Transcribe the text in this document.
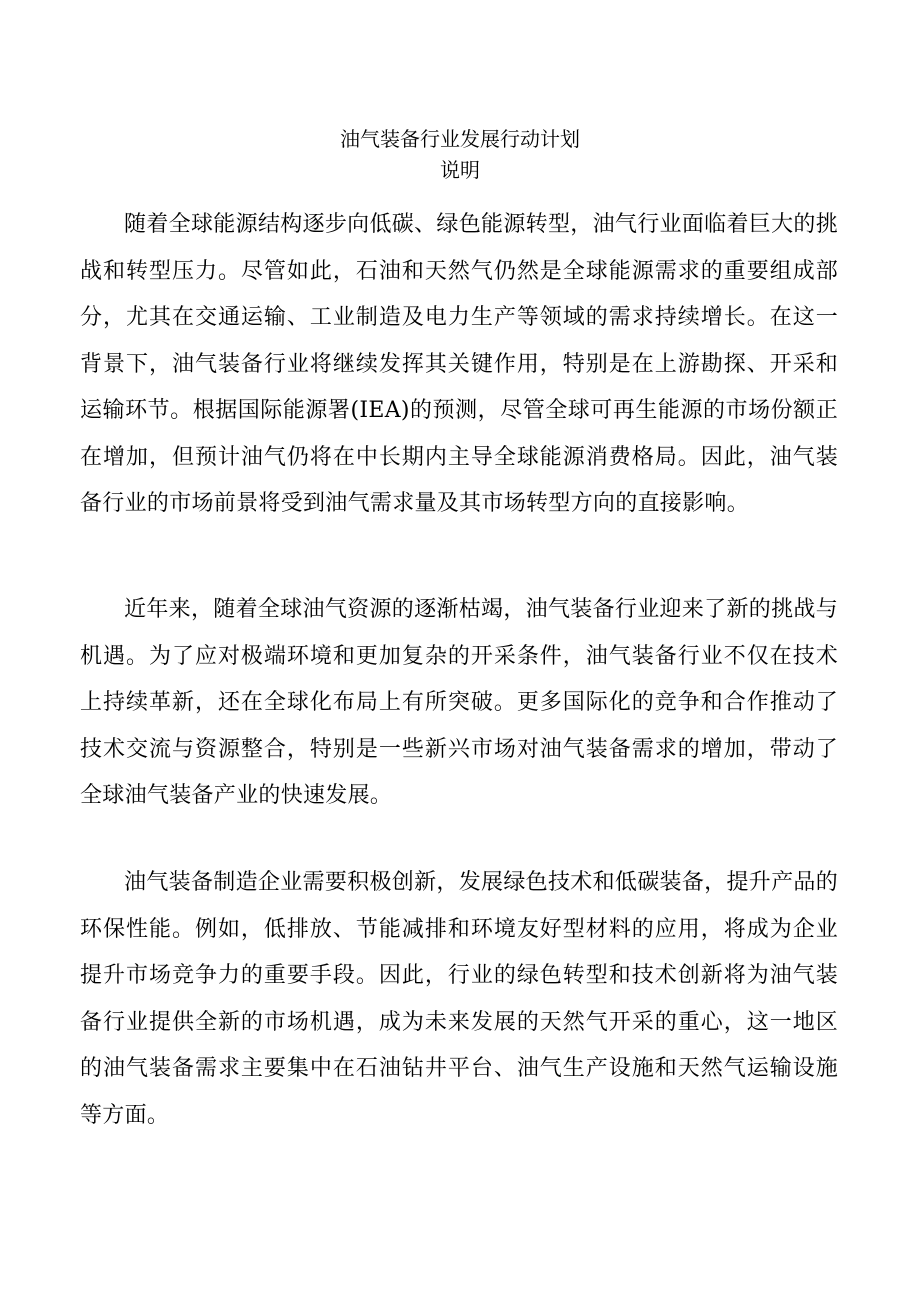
油气装备行业发展行动计划
说明

随着全球能源结构逐步向低碳、绿色能源转型，油气行业面临着巨大的挑战和转型压力。尽管如此，石油和天然气仍然是全球能源需求的重要组成部分，尤其在交通运输、工业制造及电力生产等领域的需求持续增长。在这一背景下，油气装备行业将继续发挥其关键作用，特别是在上游勘探、开采和运输环节。根据国际能源署(IEA)的预测，尽管全球可再生能源的市场份额正在增加，但预计油气仍将在中长期内主导全球能源消费格局。因此，油气装备行业的市场前景将受到油气需求量及其市场转型方向的直接影响。

近年来，随着全球油气资源的逐渐枯竭，油气装备行业迎来了新的挑战与机遇。为了应对极端环境和更加复杂的开采条件，油气装备行业不仅在技术上持续革新，还在全球化布局上有所突破。更多国际化的竞争和合作推动了技术交流与资源整合，特别是一些新兴市场对油气装备需求的增加，带动了全球油气装备产业的快速发展。

油气装备制造企业需要积极创新，发展绿色技术和低碳装备，提升产品的环保性能。例如，低排放、节能减排和环境友好型材料的应用，将成为企业提升市场竞争力的重要手段。因此，行业的绿色转型和技术创新将为油气装备行业提供全新的市场机遇，成为未来发展的天然气开采的重心，这一地区的油气装备需求主要集中在石油钻井平台、油气生产设施和天然气运输设施等方面。
